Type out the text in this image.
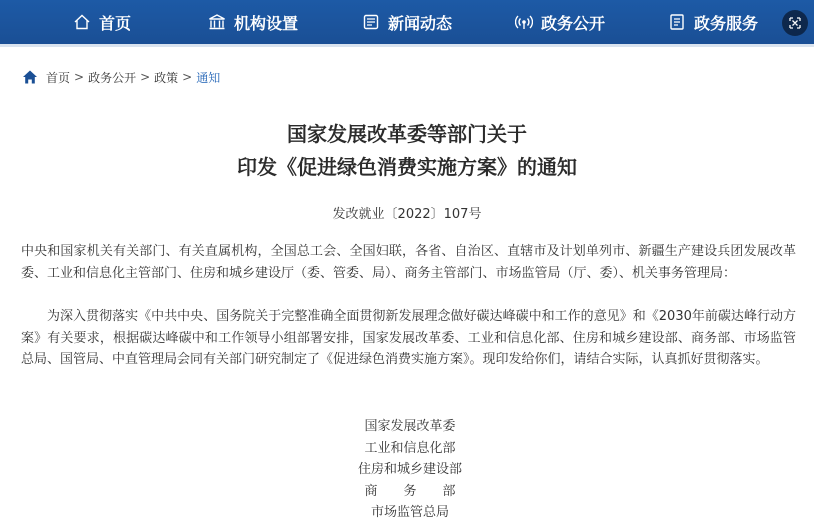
首页	机构设置	新闻动态	政务公开	政务服务
首页 > 政务公开 > 政策 > 通知
国家发展改革委等部门关于
印发《促进绿色消费实施方案》的通知
发改就业〔2022〕107号
中央和国家机关有关部门、有关直属机构，全国总工会、全国妇联，各省、自治区、直辖市及计划单列市、新疆生产建设兵团发展改革委、工业和信息化主管部门、住房和城乡建设厅（委、管委、局）、商务主管部门、市场监管局（厅、委）、机关事务管理局：
为深入贯彻落实《中共中央、国务院关于完整准确全面贯彻新发展理念做好碳达峰碳中和工作的意见》和《2030年前碳达峰行动方案》有关要求，根据碳达峰碳中和工作领导小组部署安排，国家发展改革委、工业和信息化部、住房和城乡建设部、商务部、市场监管总局、国管局、中直管理局会同有关部门研究制定了《促进绿色消费实施方案》。现印发给你们，请结合实际，认真抓好贯彻落实。
国家发展改革委
工业和信息化部
住房和城乡建设部
商　　务　　部
市场监管总局
